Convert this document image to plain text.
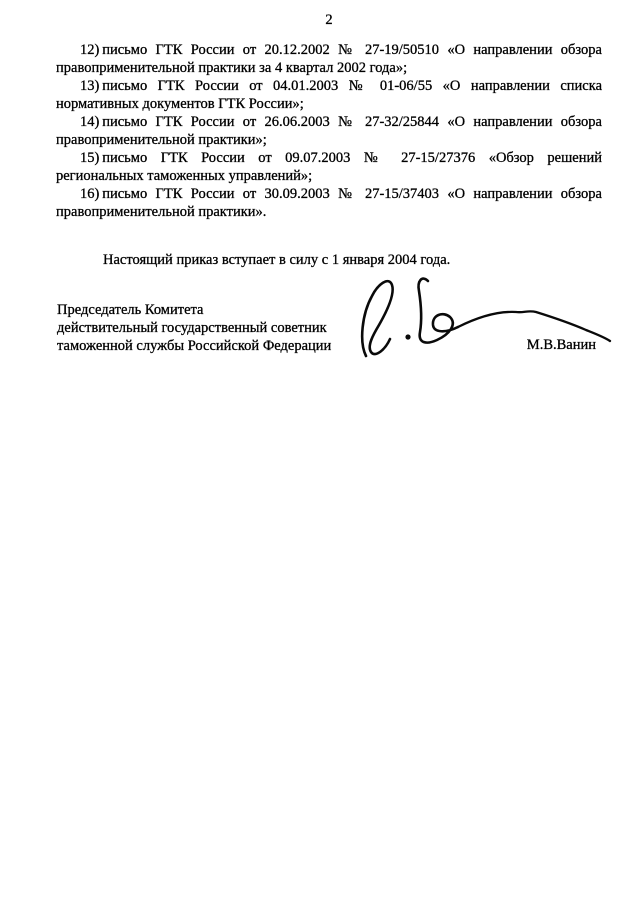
2

12) письмо ГТК России от 20.12.2002 № 27-19/50510 «О направлении обзора
правоприменительной практики за 4 квартал 2002 года»;

13) письмо ГТК России от 04.01.2003 № 01-06/55 «О направлении списка
нормативных документов ГТК России»;

14) письмо ГТК России от 26.06.2003 № 27-32/25844 «О направлении обзора
правоприменительной практики»;

15) письмо ГТК России от 09.07.2003 № 27-15/27376 «Обзор решений
региональных таможенных управлений»;

16) письмо ГТК России от 30.09.2003 № 27-15/37403 «О направлении обзора
правоприменительной практики».

Настоящий приказ вступает в силу с 1 января 2004 года.

Председатель Комитета
действительный государственный советник
таможенной службы Российской Федерации	М.В.Ванин
